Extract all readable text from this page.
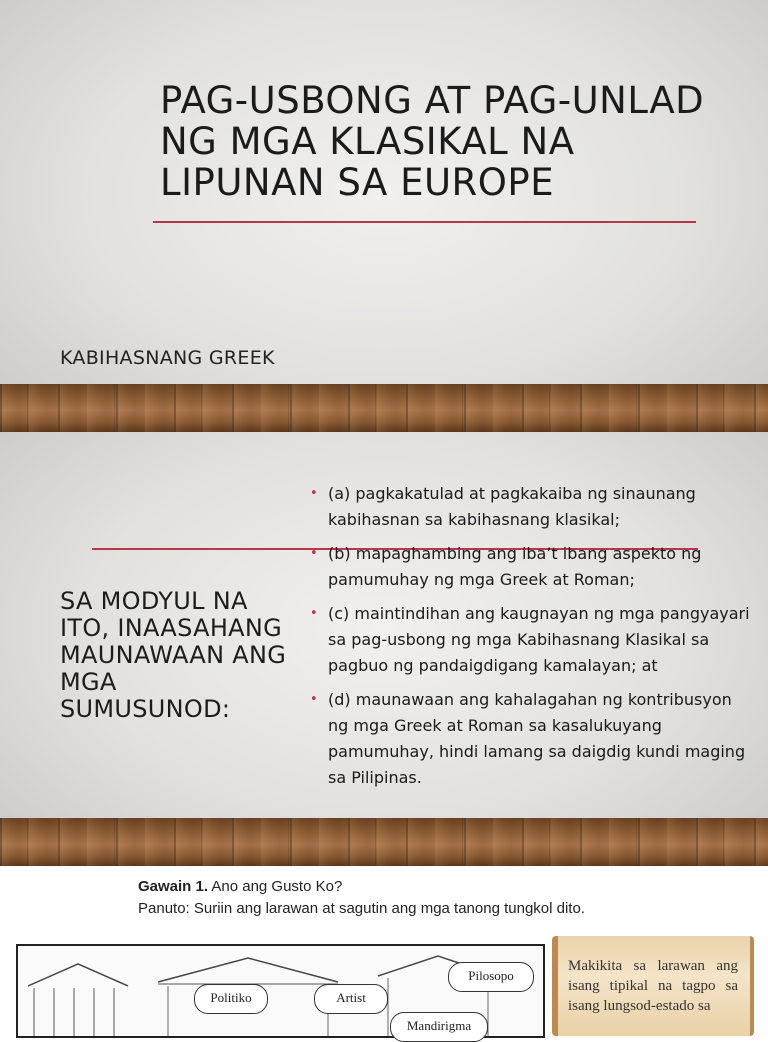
PAG-USBONG AT PAG-UNLAD NG MGA KLASIKAL NA LIPUNAN SA EUROPE
KABIHASNANG GREEK
SA MODYUL NA ITO, INAASAHANG MAUNAWAAN ANG MGA SUMUSUNOD:
• (a) pagkakatulad at pagkakaiba ng sinaunang kabihasnan sa kabihasnang klasikal;
• (b) mapaghambing ang iba’t ibang aspekto ng pamumuhay ng mga Greek at Roman;
• (c) maintindihan ang kaugnayan ng mga pangyayari sa pag-usbong ng mga Kabihasnang Klasikal sa pagbuo ng pandaigdigang kamalayan; at
• (d) maunawaan ang kahalagahan ng kontribusyon ng mga Greek at Roman sa kasalukuyang pamumuhay, hindi lamang sa daigdig kundi maging sa Pilipinas.
Gawain 1. Ano ang Gusto Ko?
Panuto: Suriin ang larawan at sagutin ang mga tanong tungkol dito.
Pilosopo
Politiko	Artist
Mandirigma

Makikita sa larawan ang isang tipikal na tagpo sa isang lungsod-estado sa
